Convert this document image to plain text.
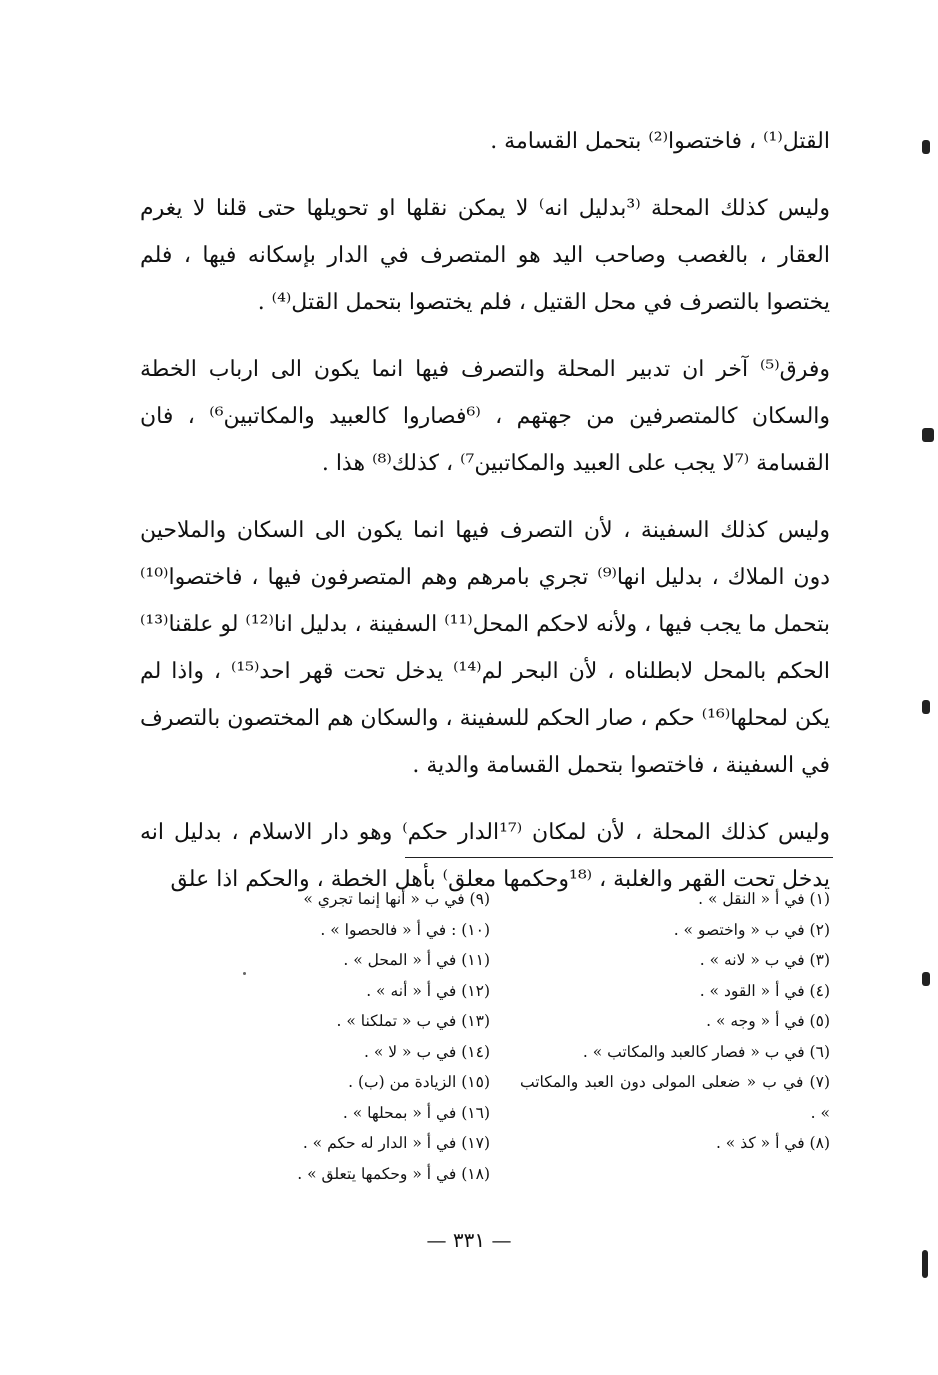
القتل⁽¹⁾ ، فاختصوا⁽²⁾ بتحمل القسامة .

وليس كذلك المحلة ⁽³بدليل انه⁾ لا يمكن نقلها او تحويلها حتى قلنا لا يغرم العقار ، بالغصب وصاحب اليد هو المتصرف في الدار بإسكانه فيها ، فلم يختصوا بالتصرف في محل القتيل ، فلم يختصوا بتحمل القتل⁽⁴⁾ .

وفرق⁽⁵⁾ آخر ان تدبير المحلة والتصرف فيها انما يكون الى ارباب الخطة والسكان كالمتصرفين من جهتهم ، ⁽⁶فصاروا كالعبيد والمكاتبين⁶⁾ ، فان القسامة ⁽⁷لا يجب على العبيد والمكاتبين⁷⁾ ، كذلك⁽⁸⁾ هذا .

وليس كذلك السفينة ، لأن التصرف فيها انما يكون الى السكان والملاحين دون الملاك ، بدليل انها⁽⁹⁾ تجري بامرهم وهم المتصرفون فيها ، فاختصوا⁽¹⁰⁾ بتحمل ما يجب فيها ، ولأنه لاحكم المحل⁽¹¹⁾ السفينة ، بدليل انا⁽¹²⁾ لو علقنا⁽¹³⁾ الحكم بالمحل لابطلناه ، لأن البحر لم⁽¹⁴⁾ يدخل تحت قهر احد⁽¹⁵⁾ ، واذا لم يكن لمحلها⁽¹⁶⁾ حكم ، صار الحكم للسفينة ، والسكان هم المختصون بالتصرف في السفينة ، فاختصوا بتحمل القسامة والدية .

وليس كذلك المحلة ، لأن لمكان ⁽¹⁷الدار حكم⁾ وهو دار الاسلام ، بدليل انه يدخل تحت القهر والغلبة ، ⁽¹⁸وحكمها معلق⁾ بأهل الخطة ، والحكم اذا علق

(١) في أ « النقل » .

(٢) في ب « واختصو » .

(٣) في ب « لانه » .

(٤) في أ « القود » .

(٥) في أ « وجه » .

(٦) في ب « فصار كالعبد والمكاتب » .

(٧) في ب « ضعلى المولى دون العبد والمكاتب » .

(٨) في أ « كذ » .

(٩) في ب « أنها إنما تجري »

(١٠) : في أ « فالحصوا » .

(١١) في أ « المحل » .

(١٢) في أ « أنه » .

(١٣) في ب « تملكنا » .

(١٤) في ب « لا » .

(١٥) الزيادة من (ب) .

(١٦) في أ « بمحلها » .

(١٧) في أ « الدار له حكم » .

(١٨) في أ « وحكمها يتعلق » .

— ٣٣١ —
